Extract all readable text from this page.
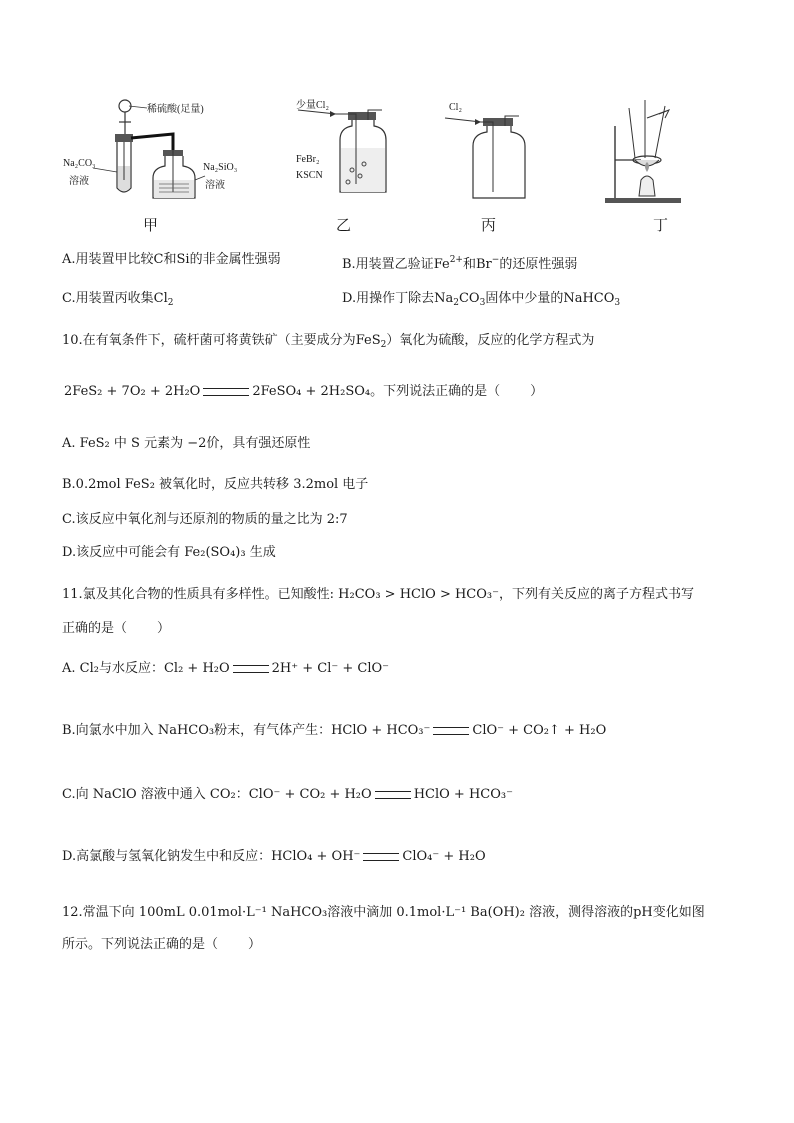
稀硫酸(足量)
Na₂CO₃
溶液
Na₂SiO₃
溶液
甲
少量Cl₂
FeBr₂
KSCN
乙
Cl₂
丙	丁
A.用装置甲比较C和Si的非金属性强弱	B.用装置乙验证$Fe^{2+}$和Br−的还原性强弱
C.用装置丙收集$Cl_2$	D.用操作丁除去$Na_2CO_3$固体中少量的NaHCO$_3$
10.在有氧条件下，硫杆菌可将黄铁矿（主要成分为FeS$_2$）氧化为硫酸，反应的化学方程式为
2FeS₂ + 7O₂ + 2H₂O	2FeSO₄ + 2H₂SO₄。下列说法正确的是（ ）
A. FeS₂ 中 S 元素为 −2价，具有强还原性
B.0.2mol FeS₂ 被氧化时，反应共转移 3.2mol 电子
C.该反应中氧化剂与还原剂的物质的量之比为 2:7
D.该反应中可能会有 Fe₂(SO₄)₃ 生成
11.氯及其化合物的性质具有多样性。已知酸性: H₂CO₃ > HClO > HCO₃⁻，下列有关反应的离子方程式书写
正确的是（ ）
A. Cl₂与水反应：Cl₂ + H₂O	2H⁺ + Cl⁻ + ClO⁻
B.向氯水中加入 NaHCO₃粉末，有气体产生：HClO + HCO₃⁻	ClO⁻ + CO₂↑ + H₂O
C.向 NaClO 溶液中通入 CO₂：ClO⁻ + CO₂ + H₂O	HClO + HCO₃⁻
D.高氯酸与氢氧化钠发生中和反应：HClO₄ + OH⁻	ClO₄⁻ + H₂O
12.常温下向 100mL 0.01mol·L⁻¹ NaHCO₃溶液中滴加 0.1mol·L⁻¹ Ba(OH)₂ 溶液，测得溶液的pH变化如图
所示。下列说法正确的是（ ）
